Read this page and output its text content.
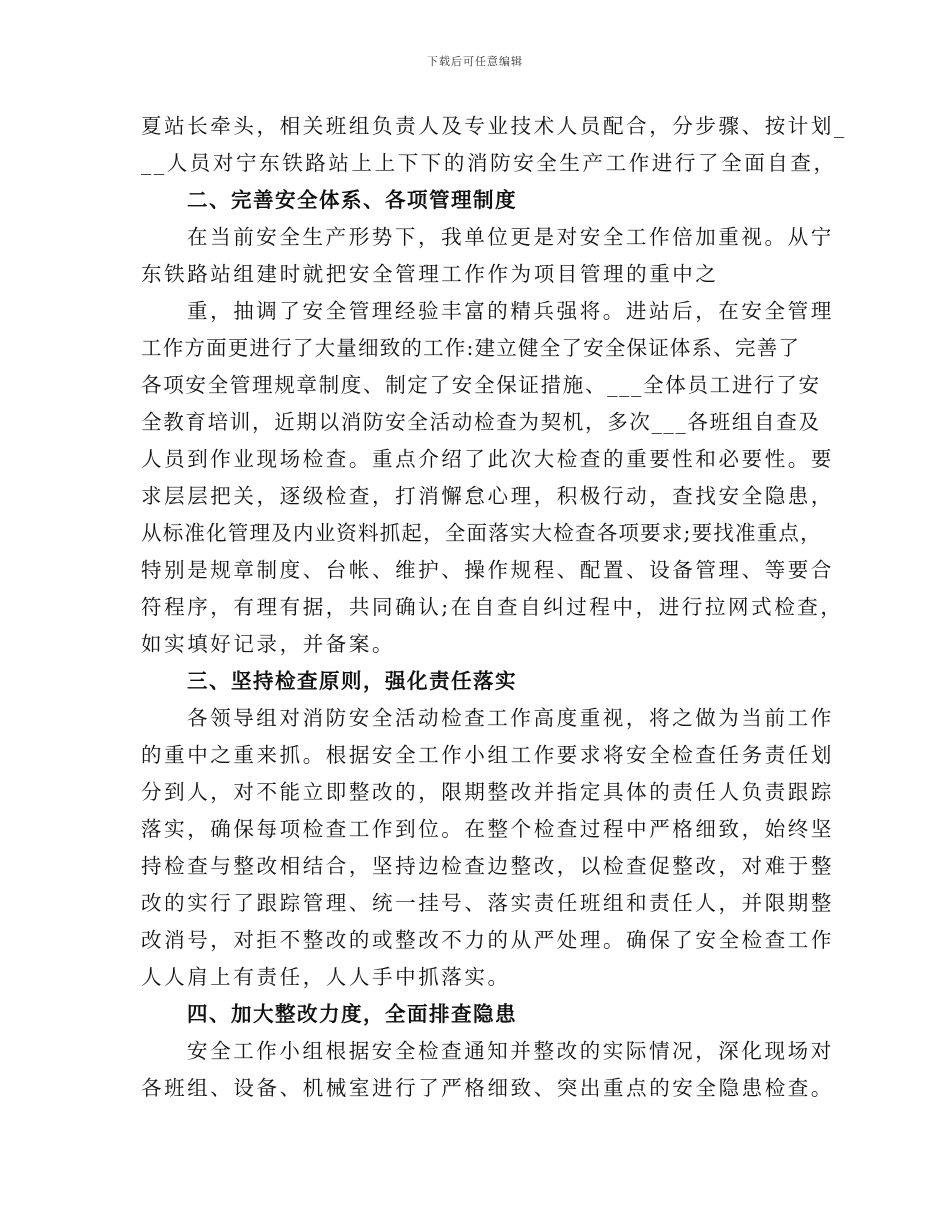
下载后可任意编辑
夏站长牵头，相关班组负责人及专业技术人员配合，分步骤、按计划_
__人员对宁东铁路站上上下下的消防安全生产工作进行了全面自查，
二、完善安全体系、各项管理制度
在当前安全生产形势下，我单位更是对安全工作倍加重视。从宁
东铁路站组建时就把安全管理工作作为项目管理的重中之
重，抽调了安全管理经验丰富的精兵强将。进站后，在安全管理
工作方面更进行了大量细致的工作:建立健全了安全保证体系、完善了
各项安全管理规章制度、制定了安全保证措施、___全体员工进行了安
全教育培训，近期以消防安全活动检查为契机，多次___各班组自查及
人员到作业现场检查。重点介绍了此次大检查的重要性和必要性。要
求层层把关，逐级检查，打消懈怠心理，积极行动，查找安全隐患，
从标准化管理及内业资料抓起，全面落实大检查各项要求;要找准重点，
特别是规章制度、台帐、维护、操作规程、配置、设备管理、等要合
符程序，有理有据，共同确认;在自查自纠过程中，进行拉网式检查，
如实填好记录，并备案。
三、坚持检查原则，强化责任落实
各领导组对消防安全活动检查工作高度重视，将之做为当前工作
的重中之重来抓。根据安全工作小组工作要求将安全检查任务责任划
分到人，对不能立即整改的，限期整改并指定具体的责任人负责跟踪
落实，确保每项检查工作到位。在整个检查过程中严格细致，始终坚
持检查与整改相结合，坚持边检查边整改，以检查促整改，对难于整
改的实行了跟踪管理、统一挂号、落实责任班组和责任人，并限期整
改消号，对拒不整改的或整改不力的从严处理。确保了安全检查工作
人人肩上有责任，人人手中抓落实。
四、加大整改力度，全面排查隐患
安全工作小组根据安全检查通知并整改的实际情况，深化现场对
各班组、设备、机械室进行了严格细致、突出重点的安全隐患检查。
